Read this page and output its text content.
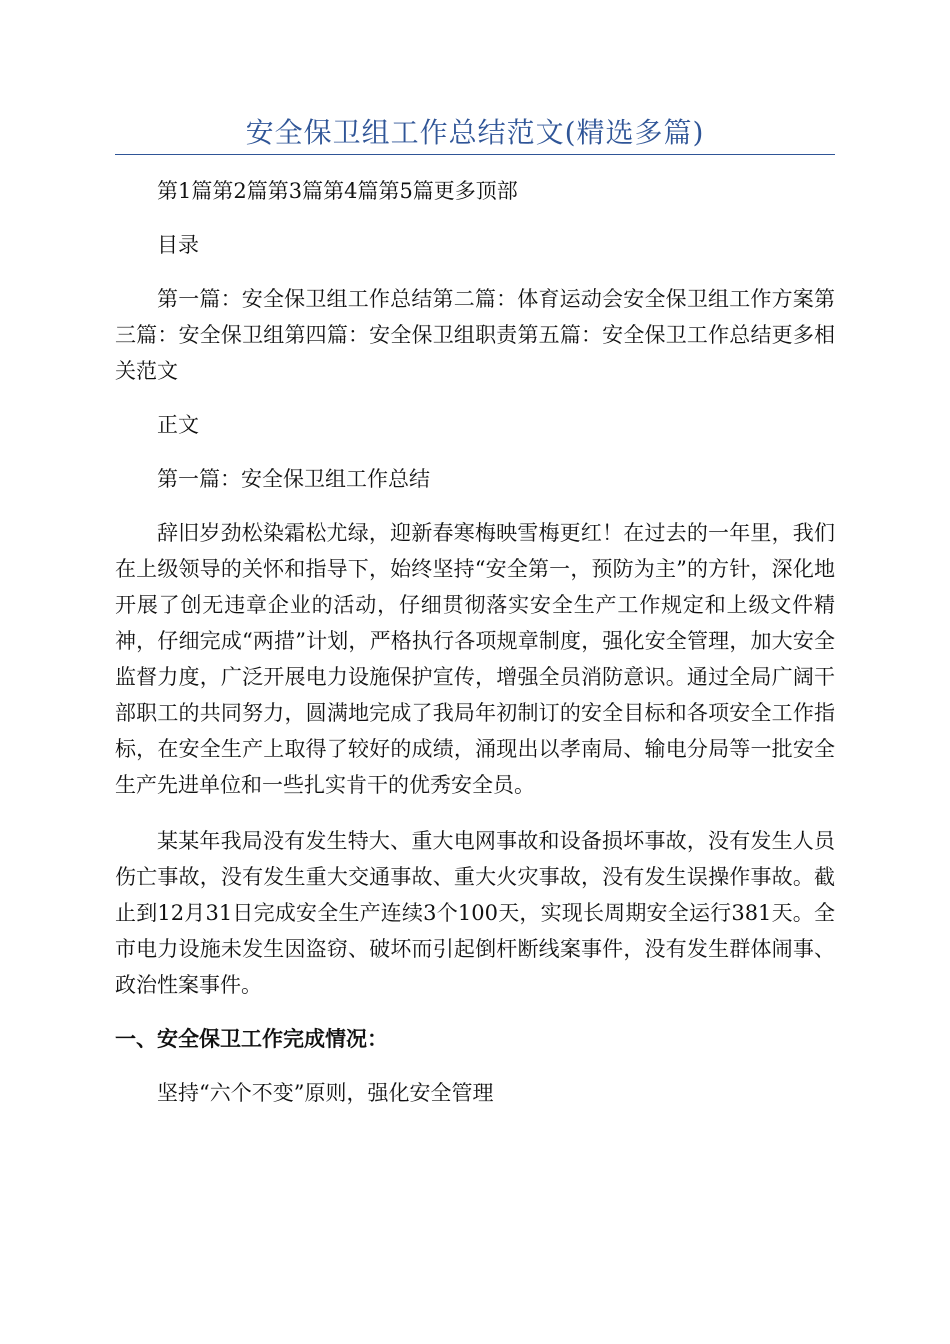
安全保卫组工作总结范文(精选多篇)

第1篇第2篇第3篇第4篇第5篇更多顶部

目录

第一篇：安全保卫组工作总结第二篇：体育运动会安全保卫组工作方案第三篇：安全保卫组第四篇：安全保卫组职责第五篇：安全保卫工作总结更多相关范文

正文

第一篇：安全保卫组工作总结

辞旧岁劲松染霜松尤绿，迎新春寒梅映雪梅更红！在过去的一年里，我们在上级领导的关怀和指导下，始终坚持“安全第一，预防为主”的方针，深化地开展了创无违章企业的活动，仔细贯彻落实安全生产工作规定和上级文件精神，仔细完成“两措”计划，严格执行各项规章制度，强化安全管理，加大安全监督力度，广泛开展电力设施保护宣传，增强全员消防意识。通过全局广阔干部职工的共同努力，圆满地完成了我局年初制订的安全目标和各项安全工作指标，在安全生产上取得了较好的成绩，涌现出以孝南局、输电分局等一批安全生产先进单位和一些扎实肯干的优秀安全员。

某某年我局没有发生特大、重大电网事故和设备损坏事故，没有发生人员伤亡事故，没有发生重大交通事故、重大火灾事故，没有发生误操作事故。截止到12月31日完成安全生产连续3个100天，实现长周期安全运行381天。全市电力设施未发生因盗窃、破坏而引起倒杆断线案事件，没有发生群体闹事、政治性案事件。

一、安全保卫工作完成情况：

坚持“六个不变”原则，强化安全管理
